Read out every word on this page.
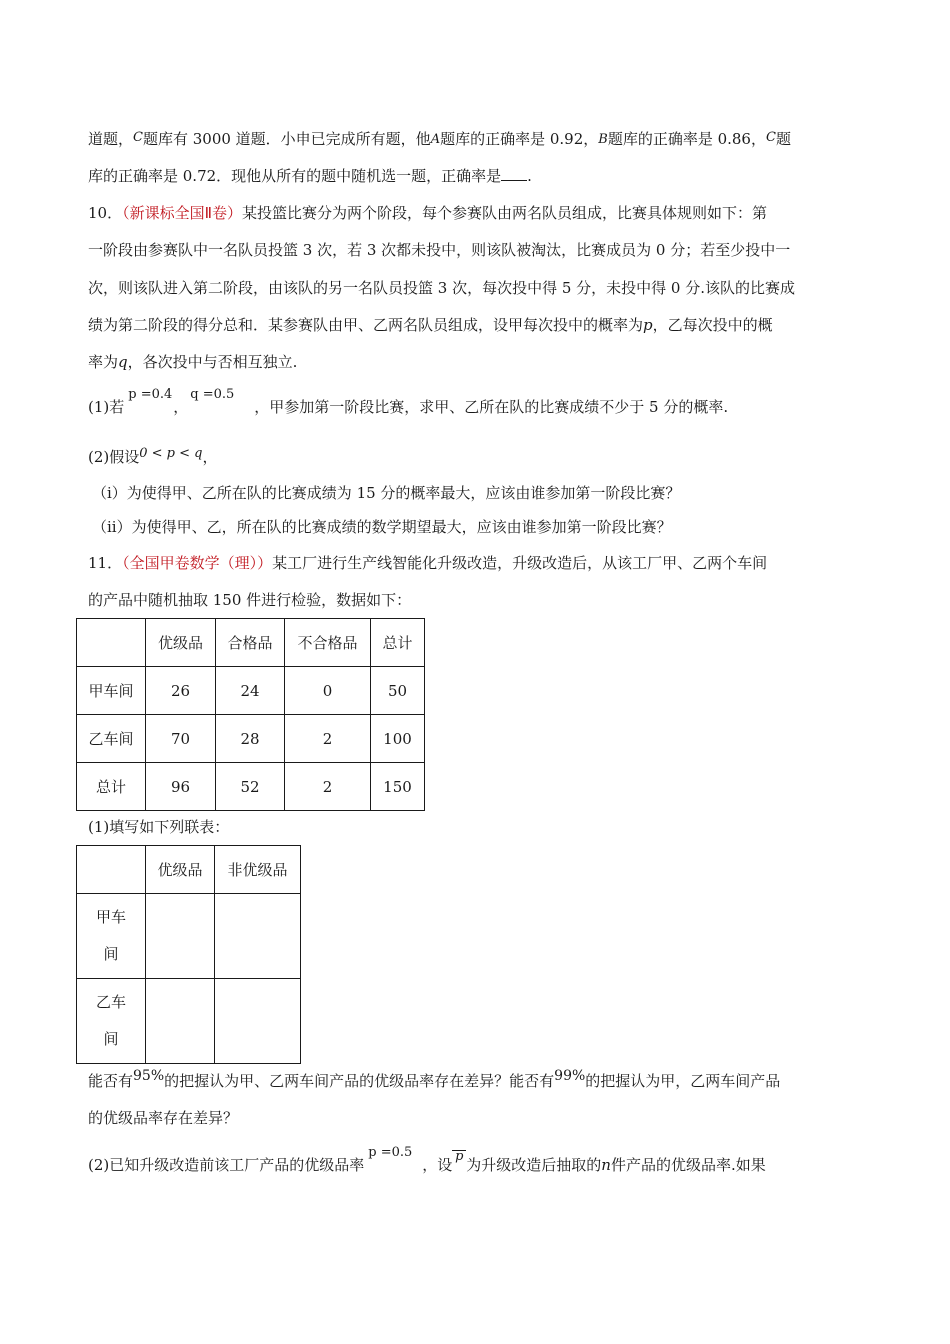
道题，C题库有 3000 道题．小申已完成所有题，他A题库的正确率是 0.92，B题库的正确率是 0.86，C题
库的正确率是 0.72．现他从所有的题中随机选一题，正确率是 .
10．（新课标全国Ⅱ卷）某投篮比赛分为两个阶段，每个参赛队由两名队员组成，比赛具体规则如下：第
一阶段由参赛队中一名队员投篮 3 次，若 3 次都未投中，则该队被淘汰，比赛成员为 0 分；若至少投中一
次，则该队进入第二阶段，由该队的另一名队员投篮 3 次，每次投中得 5 分，未投中得 0 分.该队的比赛成
绩为第二阶段的得分总和．某参赛队由甲、乙两名队员组成，设甲每次投中的概率为p，乙每次投中的概
率为q，各次投中与否相互独立.
(1)若p =0.4，q =0.5，甲参加第一阶段比赛，求甲、乙所在队的比赛成绩不少于 5 分的概率.
(2)假设0 < p < q，
（i）为使得甲、乙所在队的比赛成绩为 15 分的概率最大，应该由谁参加第一阶段比赛？
（ii）为使得甲、乙，所在队的比赛成绩的数学期望最大，应该由谁参加第一阶段比赛？
11．（全国甲卷数学（理））某工厂进行生产线智能化升级改造，升级改造后，从该工厂甲、乙两个车间
的产品中随机抽取 150 件进行检验，数据如下：
	优级品	合格品	不合格品	总计
甲车间	26	24	0	50
乙车间	70	28	2	100
总计	96	52	2	150
(1)填写如下列联表：
	优级品	非优级品
甲车
间		
乙车
间		
能否有95%的把握认为甲、乙两车间产品的优级品率存在差异？能否有99%的把握认为甲，乙两车间产品
的优级品率存在差异？
(2)已知升级改造前该工厂产品的优级品率p =0.5，设 p 为升级改造后抽取的n件产品的优级品率.如果
